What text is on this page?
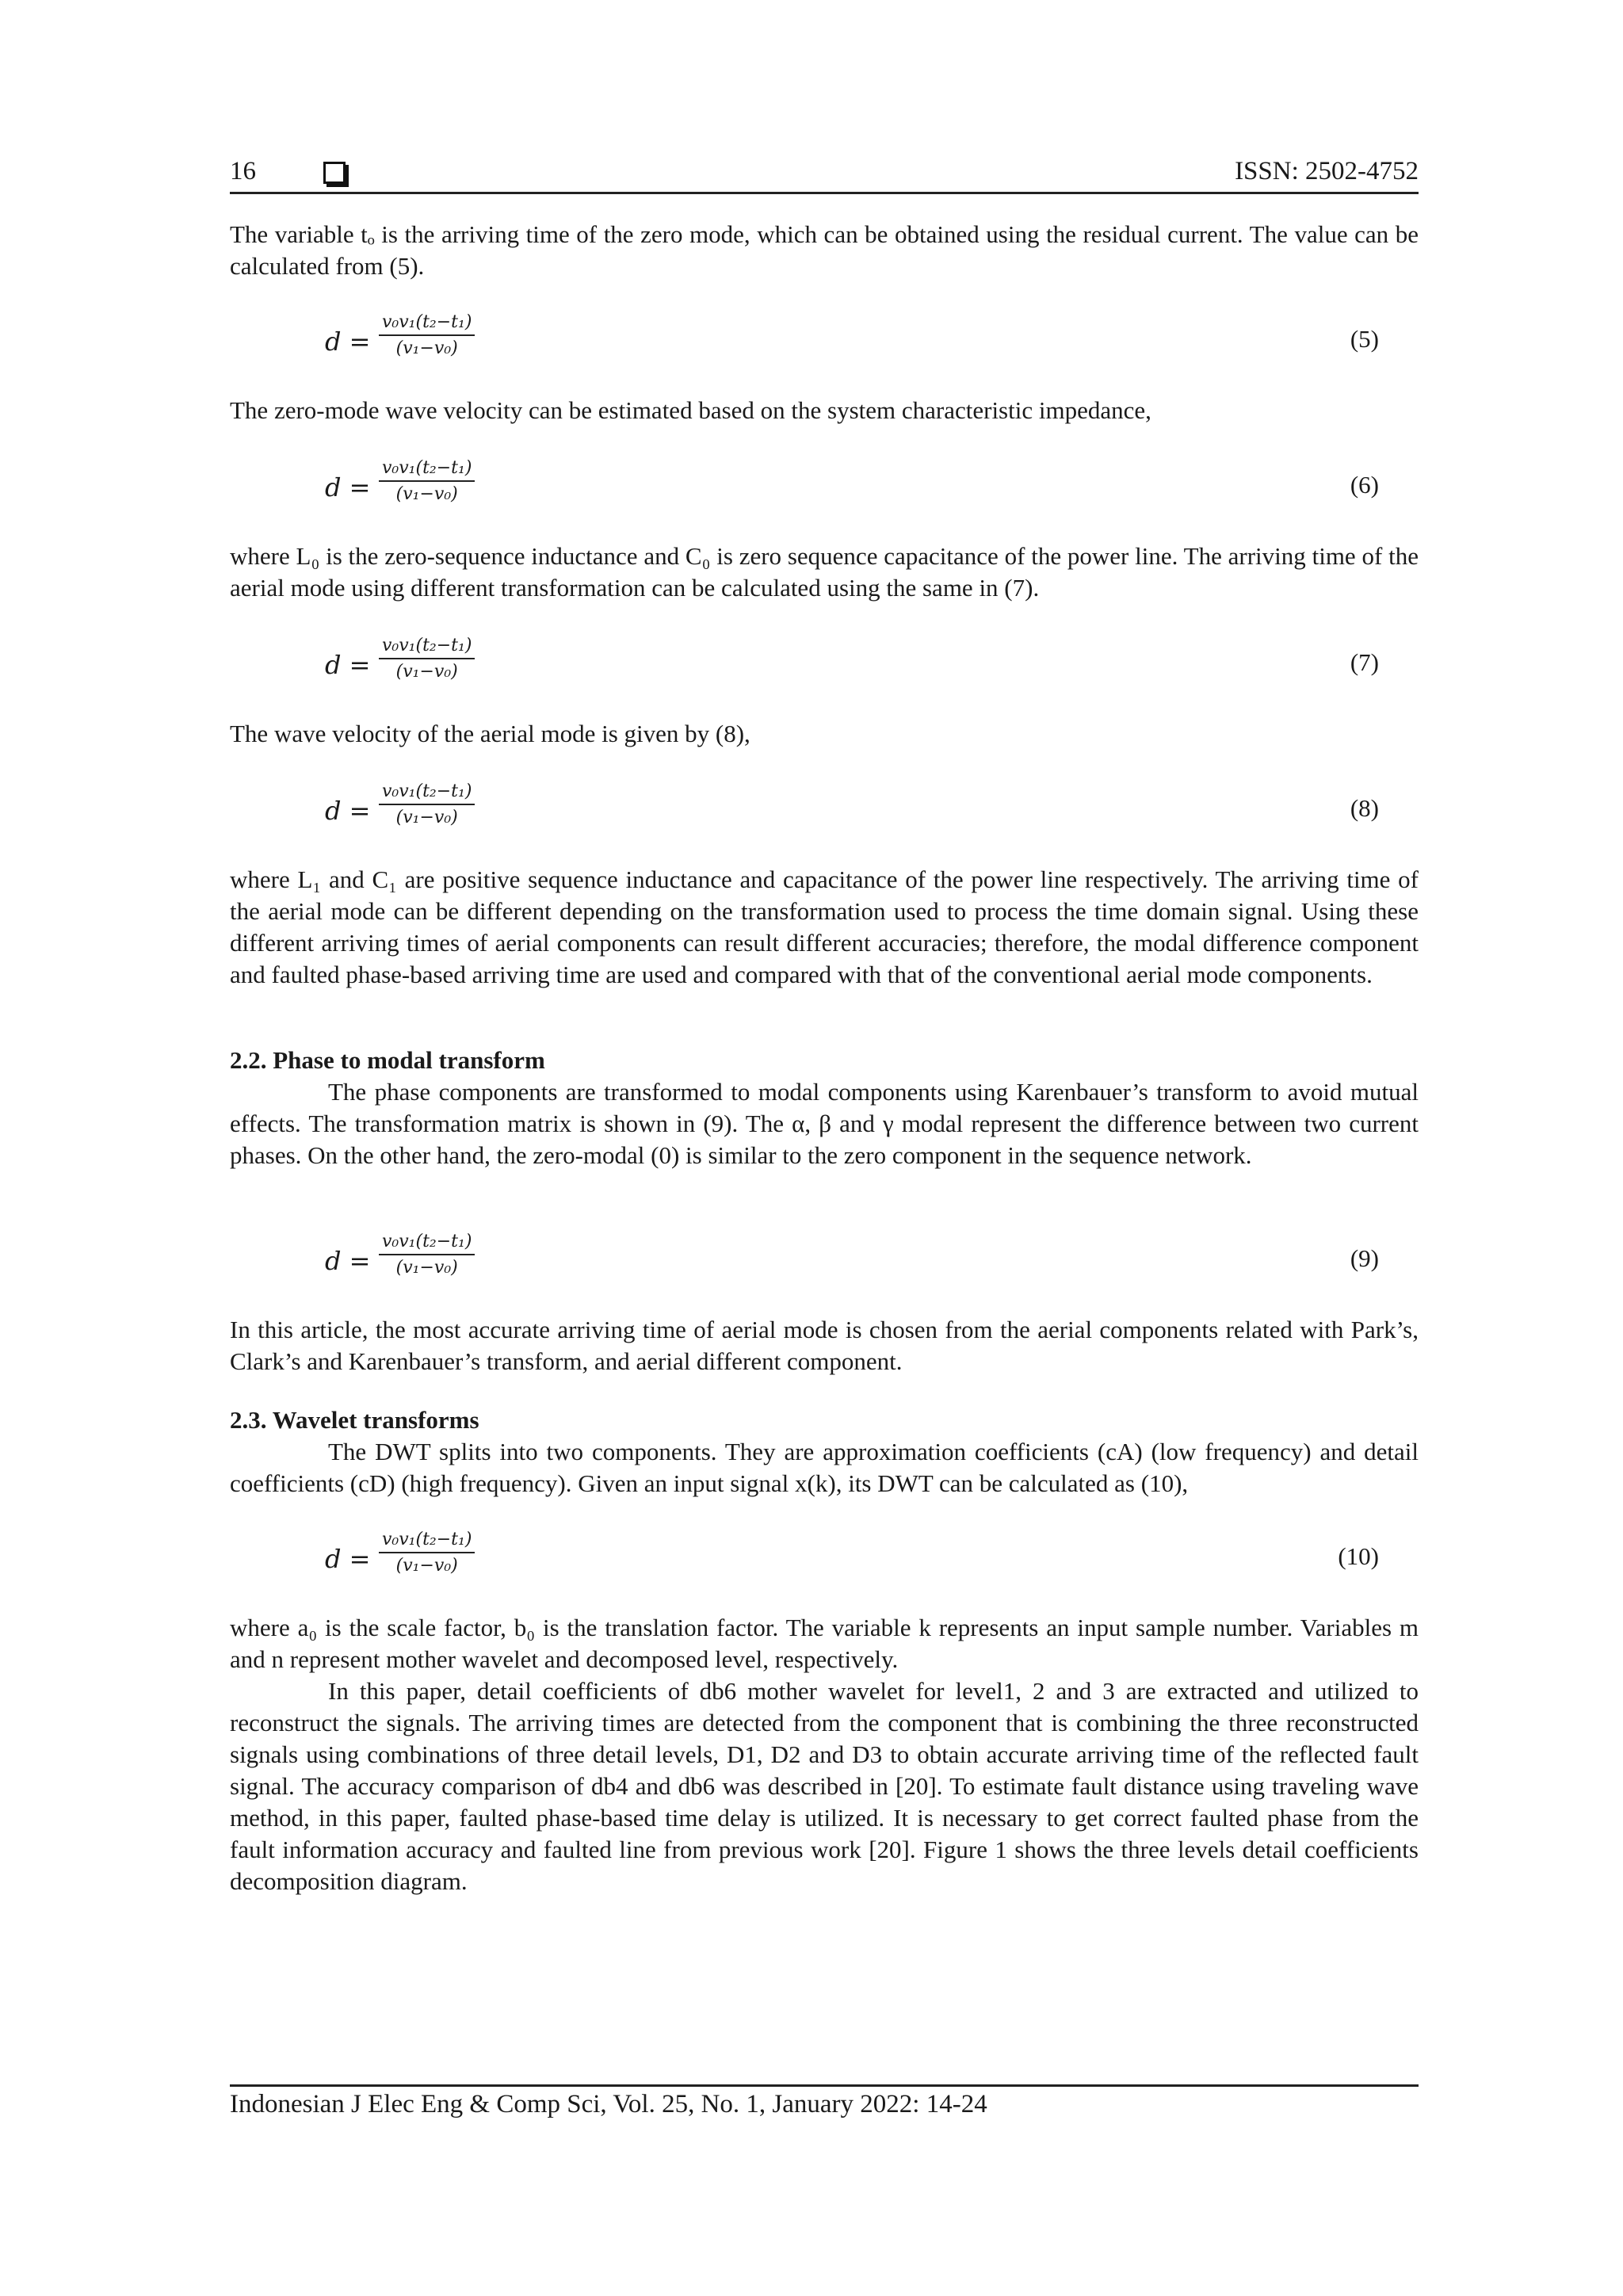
16	ISSN: 2502-4752

The variable tₒ is the arriving time of the zero mode, which can be obtained using the residual current. The value can be calculated from (5).

$d = \frac{\text{v₀v₁(t₂−t₁)}}{\text{(v₁−v₀)}}$	(5)

The zero-mode wave velocity can be estimated based on the system characteristic impedance,

$d = \frac{\text{v₀v₁(t₂−t₁)}}{\text{(v₁−v₀)}}$	(6)

where L₀ is the zero-sequence inductance and C₀ is zero sequence capacitance of the power line. The arriving time of the aerial mode using different transformation can be calculated using the same in (7).

$d = \frac{\text{v₀v₁(t₂−t₁)}}{\text{(v₁−v₀)}}$	(7)

The wave velocity of the aerial mode is given by (8),

$d = \frac{\text{v₀v₁(t₂−t₁)}}{\text{(v₁−v₀)}}$	(8)

where L₁ and C₁ are positive sequence inductance and capacitance of the power line respectively. The arriving time of the aerial mode can be different depending on the transformation used to process the time domain signal. Using these different arriving times of aerial components can result different accuracies; therefore, the modal difference component and faulted phase-based arriving time are used and compared with that of the conventional aerial mode components.

2.2. Phase to modal transform

The phase components are transformed to modal components using Karenbauer’s transform to avoid mutual effects. The transformation matrix is shown in (9). The α, β and γ modal represent the difference between two current phases. On the other hand, the zero-modal (0) is similar to the zero component in the sequence network.

$d = \frac{\text{v₀v₁(t₂−t₁)}}{\text{(v₁−v₀)}}$	(9)

In this article, the most accurate arriving time of aerial mode is chosen from the aerial components related with Park’s, Clark’s and Karenbauer’s transform, and aerial different component.

2.3. Wavelet transforms

The DWT splits into two components. They are approximation coefficients (cA) (low frequency) and detail coefficients (cD) (high frequency). Given an input signal x(k), its DWT can be calculated as (10),

$d = \frac{\text{v₀v₁(t₂−t₁)}}{\text{(v₁−v₀)}}$	(10)

where a₀ is the scale factor, b₀ is the translation factor. The variable k represents an input sample number. Variables m and n represent mother wavelet and decomposed level, respectively.

In this paper, detail coefficients of db6 mother wavelet for level1, 2 and 3 are extracted and utilized to reconstruct the signals. The arriving times are detected from the component that is combining the three reconstructed signals using combinations of three detail levels, D1, D2 and D3 to obtain accurate arriving time of the reflected fault signal. The accuracy comparison of db4 and db6 was described in [20]. To estimate fault distance using traveling wave method, in this paper, faulted phase-based time delay is utilized. It is necessary to get correct faulted phase from the fault information accuracy and faulted line from previous work [20]. Figure 1 shows the three levels detail coefficients decomposition diagram.

Indonesian J Elec Eng & Comp Sci, Vol. 25, No. 1, January 2022: 14-24
